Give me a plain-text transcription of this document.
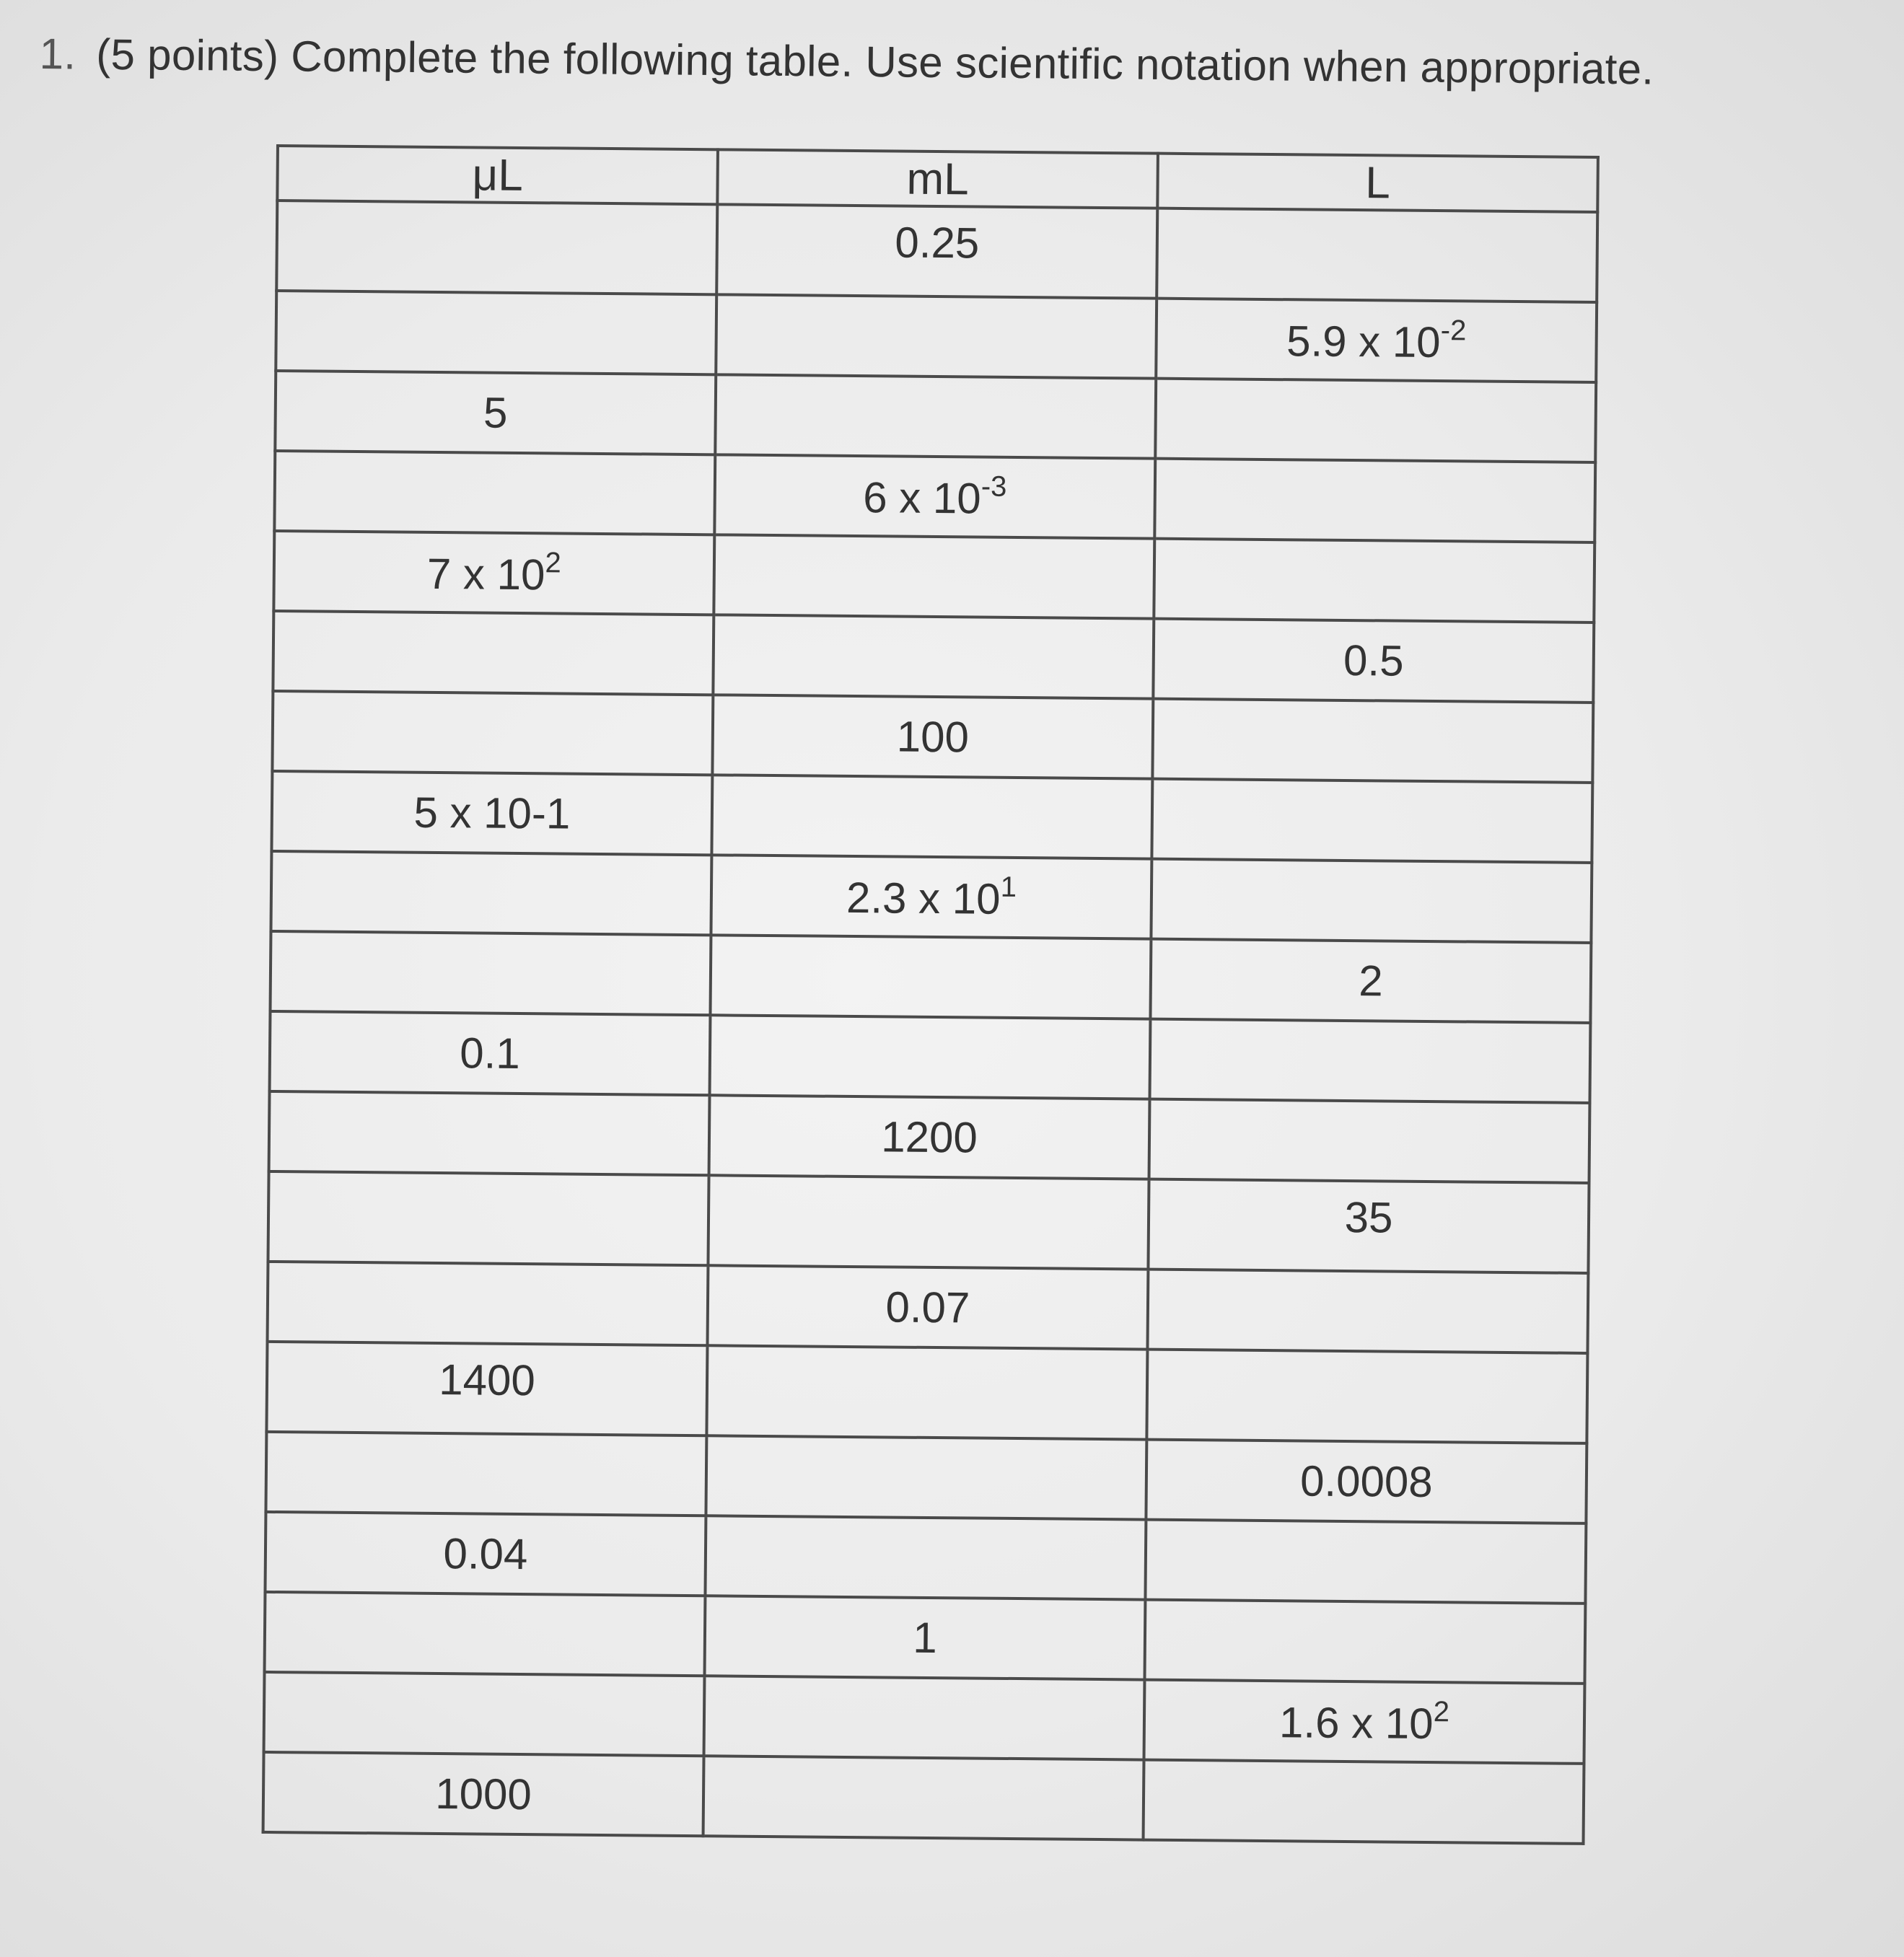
1. (5 points) Complete the following table. Use scientific notation when appropriate.
μL	mL	L
	0.25	
		5.9 x $10^{-2}$
5		
	6 x $10^{-3}$	
7 x $10^2$		
		0.5
	100	
5 x 10-1		
	2.3 x $10^1$	
		2
0.1		
	1200	
		35
	0.07	
1400		
		0.0008
0.04		
	1	
		1.6 x $10^2$
1000		
